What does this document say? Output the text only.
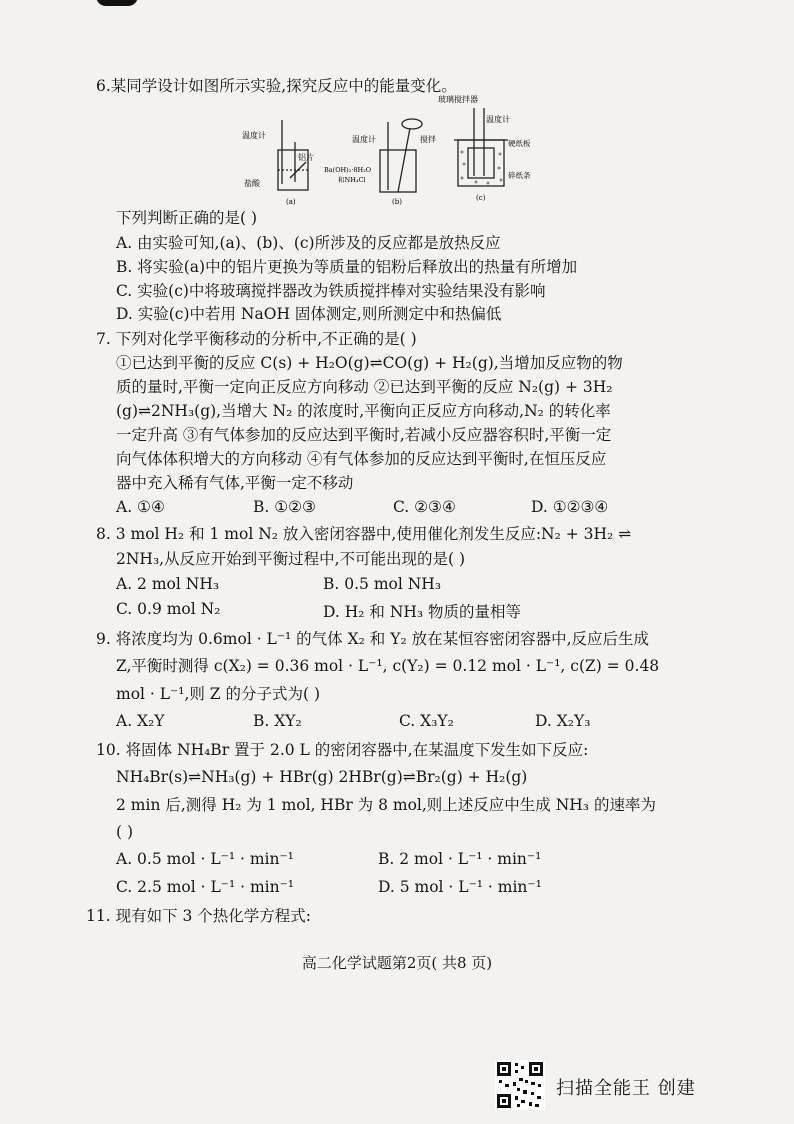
6.某同学设计如图所示实验,探究反应中的能量变化。
温度计
铝片
盐酸
(a)
温度计	搅拌
Ba(OH)₂·8H₂O
和NH₄Cl
(b)
玻璃搅拌器
温度计
硬纸板
碎纸条
(c)
下列判断正确的是( )
A. 由实验可知,(a)、(b)、(c)所涉及的反应都是放热反应
B. 将实验(a)中的铝片更换为等质量的铝粉后释放出的热量有所增加
C. 实验(c)中将玻璃搅拌器改为铁质搅拌棒对实验结果没有影响
D. 实验(c)中若用 NaOH 固体测定,则所测定中和热偏低
7. 下列对化学平衡移动的分析中,不正确的是( )
①已达到平衡的反应 C(s) + H₂O(g)⇌CO(g) + H₂(g),当增加反应物的物
质的量时,平衡一定向正反应方向移动 ②已达到平衡的反应 N₂(g) + 3H₂
(g)⇌2NH₃(g),当增大 N₂ 的浓度时,平衡向正反应方向移动,N₂ 的转化率
一定升高 ③有气体参加的反应达到平衡时,若减小反应器容积时,平衡一定
向气体体积增大的方向移动 ④有气体参加的反应达到平衡时,在恒压反应
器中充入稀有气体,平衡一定不移动
A. ①④	B. ①②③	C. ②③④	D. ①②③④
8. 3 mol H₂ 和 1 mol N₂ 放入密闭容器中,使用催化剂发生反应:N₂ + 3H₂ ⇌
2NH₃,从反应开始到平衡过程中,不可能出现的是( )
A. 2 mol NH₃	B. 0.5 mol NH₃
C. 0.9 mol N₂	D. H₂ 和 NH₃ 物质的量相等
9. 将浓度均为 0.6mol · L⁻¹ 的气体 X₂ 和 Y₂ 放在某恒容密闭容器中,反应后生成
Z,平衡时测得 c(X₂) = 0.36 mol · L⁻¹, c(Y₂) = 0.12 mol · L⁻¹, c(Z) = 0.48
mol · L⁻¹,则 Z 的分子式为( )
A. X₂Y	B. XY₂	C. X₃Y₂	D. X₂Y₃
10. 将固体 NH₄Br 置于 2.0 L 的密闭容器中,在某温度下发生如下反应:
NH₄Br(s)⇌NH₃(g) + HBr(g) 2HBr(g)⇌Br₂(g) + H₂(g)
2 min 后,测得 H₂ 为 1 mol, HBr 为 8 mol,则上述反应中生成 NH₃ 的速率为
( )
A. 0.5 mol · L⁻¹ · min⁻¹	B. 2 mol · L⁻¹ · min⁻¹
C. 2.5 mol · L⁻¹ · min⁻¹	D. 5 mol · L⁻¹ · min⁻¹
11. 现有如下 3 个热化学方程式:
高二化学试题第2页( 共8 页)
扫描全能王 创建
